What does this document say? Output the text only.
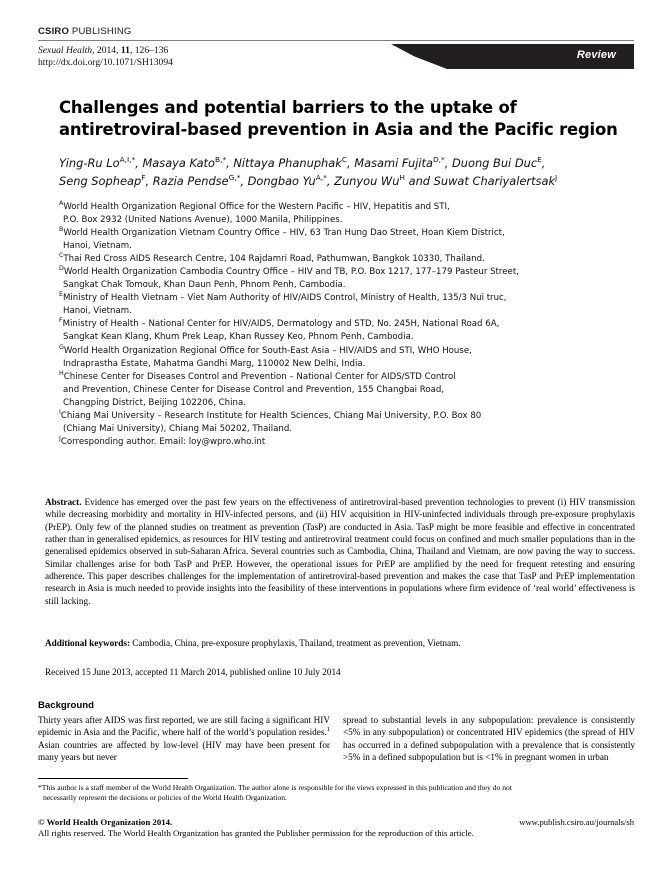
CSIRO PUBLISHING
Sexual Health, 2014, 11, 126–136
http://dx.doi.org/10.1071/SH13094
Review
Challenges and potential barriers to the uptake of antiretroviral-based prevention in Asia and the Pacific region
Ying-Ru $Lo^{A,I,*}$, Masaya Kato$^{B,*}$, Nittaya Phanuphak$^C$, Masami Fujita$^{D,*}$, Duong Bui Duc$^E$,
Seng Sopheap$^F$, Razia Pendse$^{G,*}$, Dongbao $Yu^{A,*}$, Zunyou $Wu^H$ and Suwat Chariyalertsak$^J$
$^A$World Health Organization Regional Office for the Western Pacific – HIV, Hepatitis and STI,
P.O. Box 2932 (United Nations Avenue), 1000 Manila, Philippines.
$^B$World Health Organization Vietnam Country Office – HIV, 63 Tran Hung Dao Street, Hoan Kiem District,
Hanoi, Vietnam.
$^C$Thai Red Cross AIDS Research Centre, 104 Rajdamri Road, Pathumwan, Bangkok 10330, Thailand.
$^D$World Health Organization Cambodia Country Office – HIV and TB, P.O. Box 1217, 177–179 Pasteur Street,
Sangkat Chak Tomouk, Khan Daun Penh, Phnom Penh, Cambodia.
$^E$Ministry of Health Vietnam – Viet Nam Authority of HIV/AIDS Control, Ministry of Health, 135/3 Nui truc,
Hanoi, Vietnam.
$^F$Ministry of Health – National Center for HIV/AIDS, Dermatology and STD, No. 245H, National Road 6A,
Sangkat Kean Klang, Khum Prek Leap, Khan Russey Keo, Phnom Penh, Cambodia.
$^G$World Health Organization Regional Office for South-East Asia – HIV/AIDS and STI, WHO House,
Indraprastha Estate, Mahatma Gandhi Marg, 110002 New Delhi, India.
$^H$Chinese Center for Diseases Control and Prevention – National Center for AIDS/STD Control
and Prevention, Chinese Center for Disease Control and Prevention, 155 Changbai Road,
Changping District, Beijing 102206, China.
$^I$Chiang Mai University – Research Institute for Health Sciences, Chiang Mai University, P.O. Box 80
(Chiang Mai University), Chiang Mai 50202, Thailand.
$^J$Corresponding author. Email: loy@wpro.who.int
Abstract. Evidence has emerged over the past few years on the effectiveness of antiretroviral-based prevention technologies to prevent (i) HIV transmission while decreasing morbidity and mortality in HIV-infected persons, and (ii) HIV acquisition in HIV-uninfected individuals through pre-exposure prophylaxis (PrEP). Only few of the planned studies on treatment as prevention (TasP) are conducted in Asia. TasP might be more feasible and effective in concentrated rather than in generalised epidemics, as resources for HIV testing and antiretroviral treatment could focus on confined and much smaller populations than in the generalised epidemics observed in sub-Saharan Africa. Several countries such as Cambodia, China, Thailand and Vietnam, are now paving the way to success. Similar challenges arise for both TasP and PrEP. However, the operational issues for PrEP are amplified by the need for frequent retesting and ensuring adherence. This paper describes challenges for the implementation of antiretroviral-based prevention and makes the case that TasP and PrEP implementation research in Asia is much needed to provide insights into the feasibility of these interventions in populations where firm evidence of ‘real world’ effectiveness is still lacking.
Additional keywords: Cambodia, China, pre-exposure prophylaxis, Thailand, treatment as prevention, Vietnam.
Received 15 June 2013, accepted 11 March 2014, published online 10 July 2014
Background
Thirty years after AIDS was first reported, we are still facing a significant HIV epidemic in Asia and the Pacific, where half of the world’s population resides.$^1$ Asian countries are affected by low-level (HIV may have been present for many years but never
spread to substantial levels in any subpopulation: prevalence is consistently <5% in any subpopulation) or concentrated HIV epidemics (the spread of HIV has occurred in a defined subpopulation with a prevalence that is consistently >5% in a defined subpopulation but is <1% in pregnant women in urban
*This author is a staff member of the World Health Organization. The author alone is responsible for the views expressed in this publication and they do not
necessarily represent the decisions or policies of the World Health Organization.
© World Health Organization 2014.	www.publish.csiro.au/journals/sh
All rights reserved. The World Health Organization has granted the Publisher permission for the reproduction of this article.
